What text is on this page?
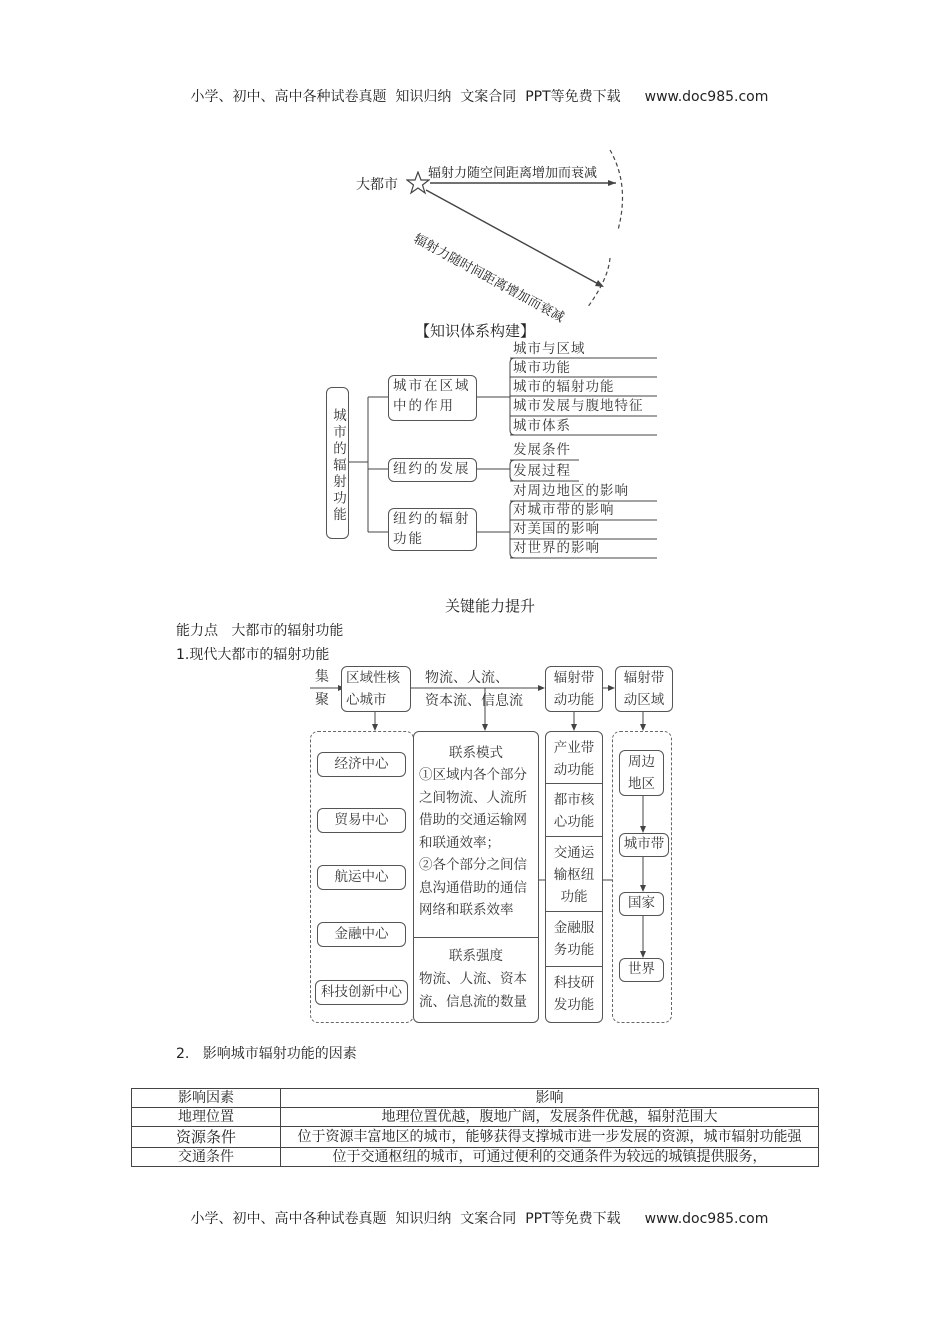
小学、初中、高中各种试卷真题  知识归纳  文案合同  PPT等免费下载 www.doc985.com

大都市
辐射力随空间距离增加而衰减
辐射力随时间距离增加而衰减
【知识体系构建】
城市的辐射功能
城市在区域
中的作用
纽约的发展
纽约的辐射
功能
城市与区域
城市功能
城市的辐射功能
城市发展与腹地特征
城市体系
发展条件
发展过程
对周边地区的影响
对城市带的影响
对美国的影响
对世界的影响
关键能力提升
能力点   大都市的辐射功能
1.现代大都市的辐射功能
集
聚
区域性核
心城市
物流、人流、
资本流、信息流
辐射带
动功能
辐射带
动区域
经济中心
贸易中心
航运中心
金融中心
科技创新中心
联系模式
①区域内各个部分
之间物流、人流所
借助的交通运输网
和联通效率；
②各个部分之间信
息沟通借助的通信
网络和联系效率
联系强度
物流、人流、资本
流、信息流的数量
产业带
动功能
都市核
心功能
交通运
输枢纽
功能
金融服
务功能
科技研
发功能
周边
地区
城市带
国家
世界
2.   影响城市辐射功能的因素
影响因素	影响
地理位置	地理位置优越，腹地广阔，发展条件优越，辐射范围大
资源条件	位于资源丰富地区的城市，能够获得支撑城市进一步发展的资源，城市辐射功能强
交通条件	位于交通枢纽的城市，可通过便利的交通条件为较远的城镇提供服务，

小学、初中、高中各种试卷真题  知识归纳  文案合同  PPT等免费下载 www.doc985.com
